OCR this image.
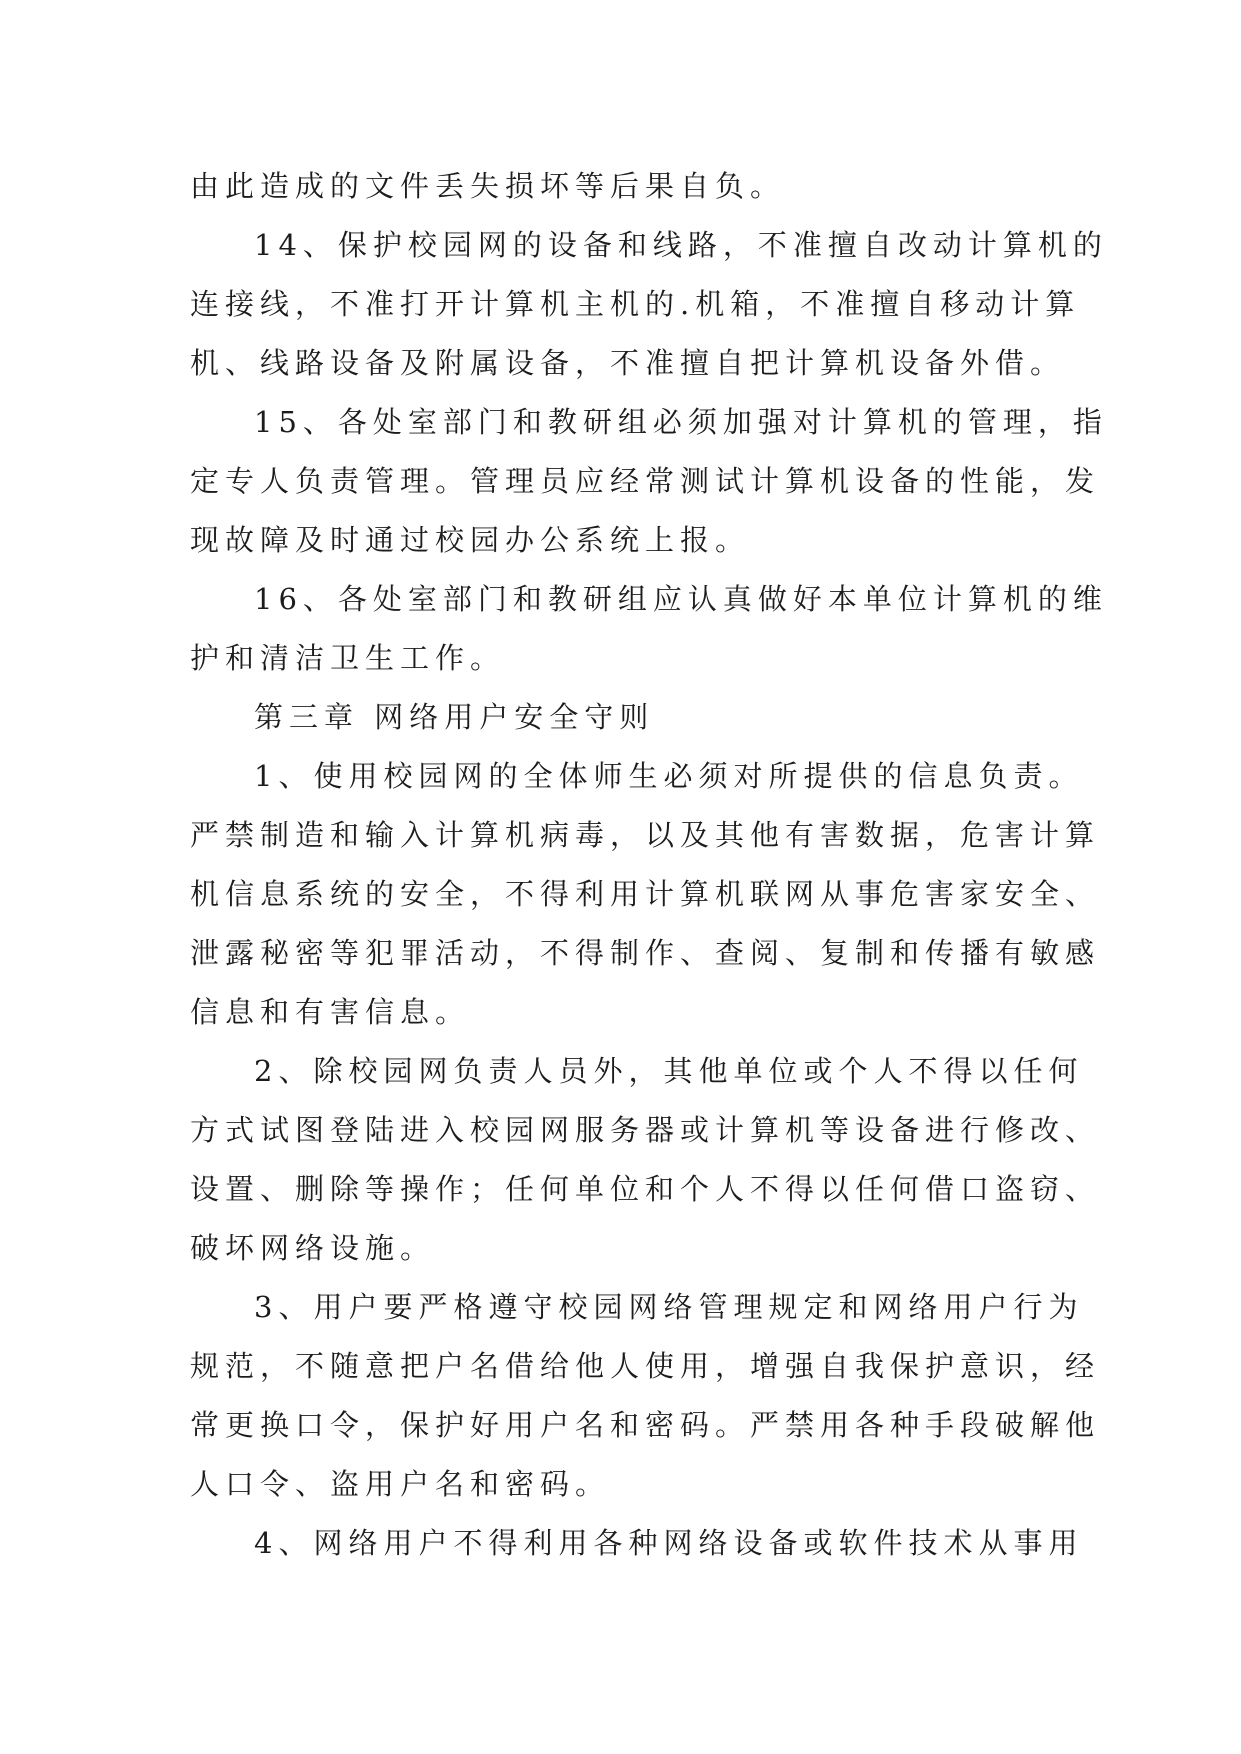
由此造成的文件丢失损坏等后果自负。
14、保护校园网的设备和线路，不准擅自改动计算机的
连接线，不准打开计算机主机的.机箱，不准擅自移动计算
机、线路设备及附属设备，不准擅自把计算机设备外借。
15、各处室部门和教研组必须加强对计算机的管理，指
定专人负责管理。管理员应经常测试计算机设备的性能，发
现故障及时通过校园办公系统上报。
16、各处室部门和教研组应认真做好本单位计算机的维
护和清洁卫生工作。
第三章 网络用户安全守则
1、使用校园网的全体师生必须对所提供的信息负责。
严禁制造和输入计算机病毒，以及其他有害数据，危害计算
机信息系统的安全，不得利用计算机联网从事危害家安全、
泄露秘密等犯罪活动，不得制作、查阅、复制和传播有敏感
信息和有害信息。
2、除校园网负责人员外，其他单位或个人不得以任何
方式试图登陆进入校园网服务器或计算机等设备进行修改、
设置、删除等操作；任何单位和个人不得以任何借口盗窃、
破坏网络设施。
3、用户要严格遵守校园网络管理规定和网络用户行为
规范，不随意把户名借给他人使用，增强自我保护意识，经
常更换口令，保护好用户名和密码。严禁用各种手段破解他
人口令、盗用户名和密码。
4、网络用户不得利用各种网络设备或软件技术从事用
